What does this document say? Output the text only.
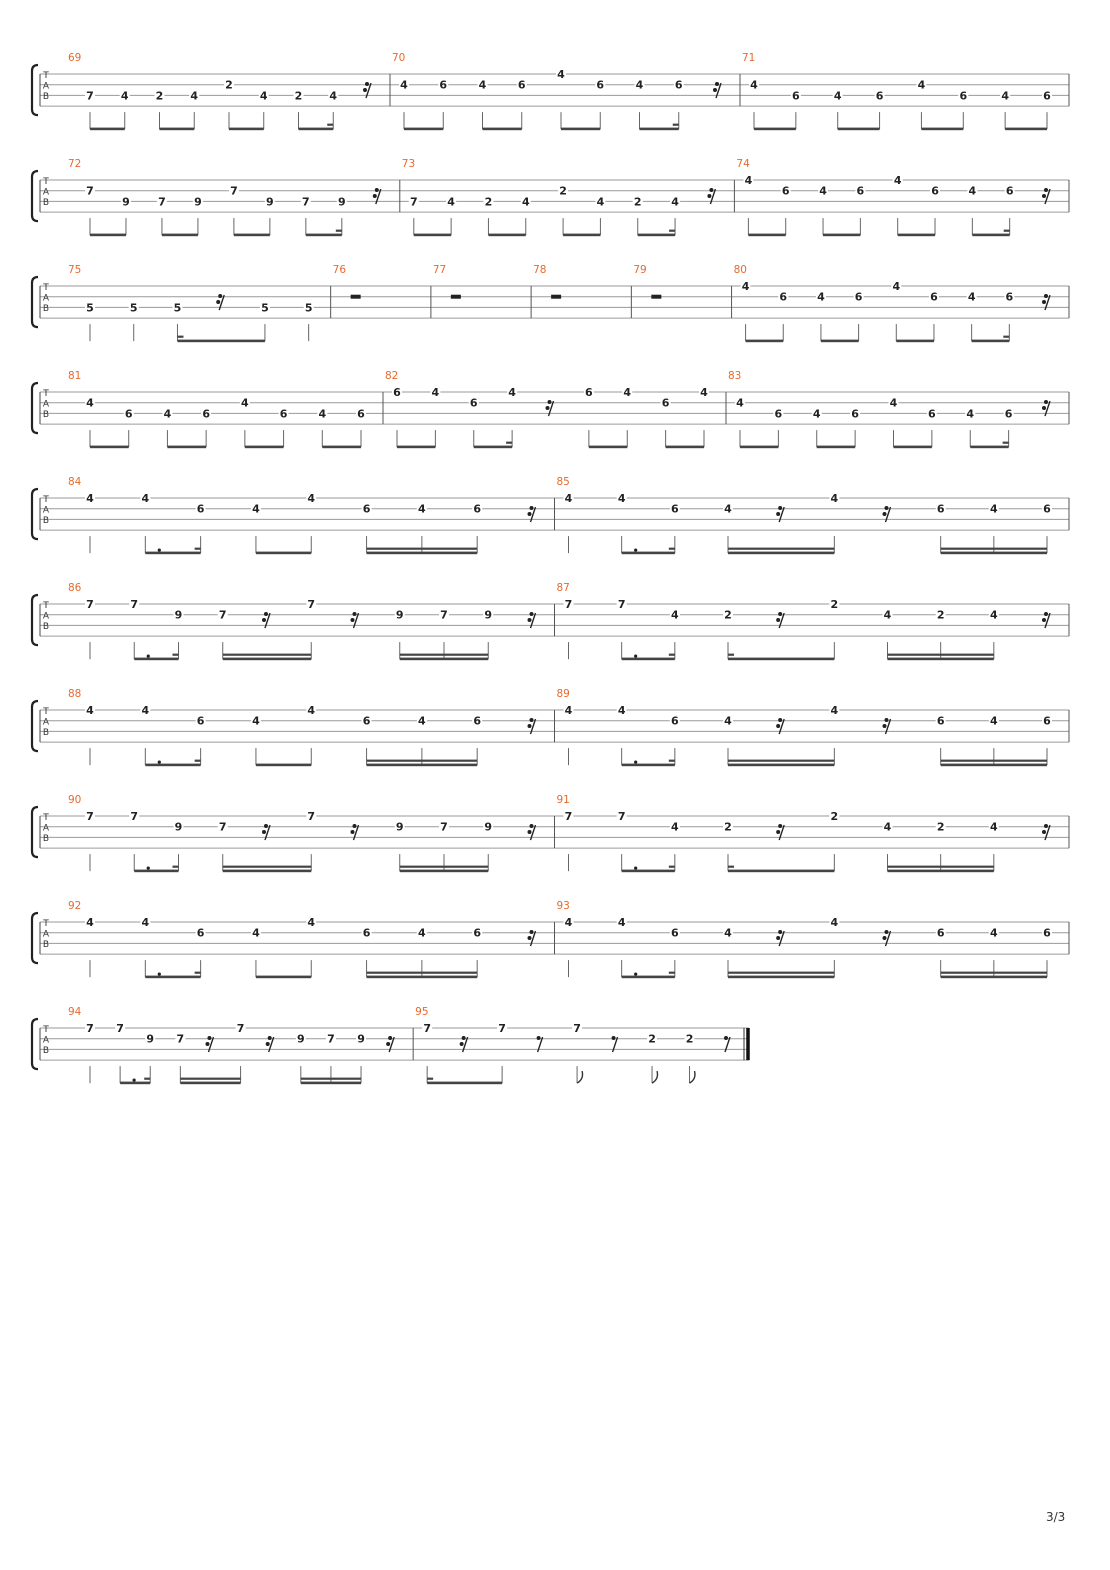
T
A
B
69
7 4 2 4
2
4 2 4
70
4	6	4	6
4
6	4	6
71
4
6	4	6
4
6	4	6
T
A
B
72
7
9	7	9
7
9	7	9
73
7	4	2	4
2
4	2	4
74
4
6	4	6
4
6	4	6
T
A
B
75
5	5	5	5	5
76	77	78	79	80
4
6	4	6
4
6	4	6
T
A
B
81
4
6	4	6
4
6	4	6
82
6	4
6
4	6	4
6
4
83
4
6	4	6
4
6	4	6
T
A
B
84
4	4
6	4
4
6	4	6
85
4	4
6	4
4
6	4	6
T
A
B
86
7	7
9	7
7
9	7	9
87
7	7
4	2
2
4	2	4
T
A
B
88
4	4
6	4
4
6	4	6
89
4	4
6	4
4
6	4	6
T
A
B
90
7	7
9	7
7
9	7	9
91
7	7
4	2
2
4	2	4
T
A
B
92
4	4
6	4
4
6	4	6
93
4	4
6	4
4
6	4	6
T
A
B
94
7 7
9 7
7
9 7 9
95
7	7	7
2	2
3/3
